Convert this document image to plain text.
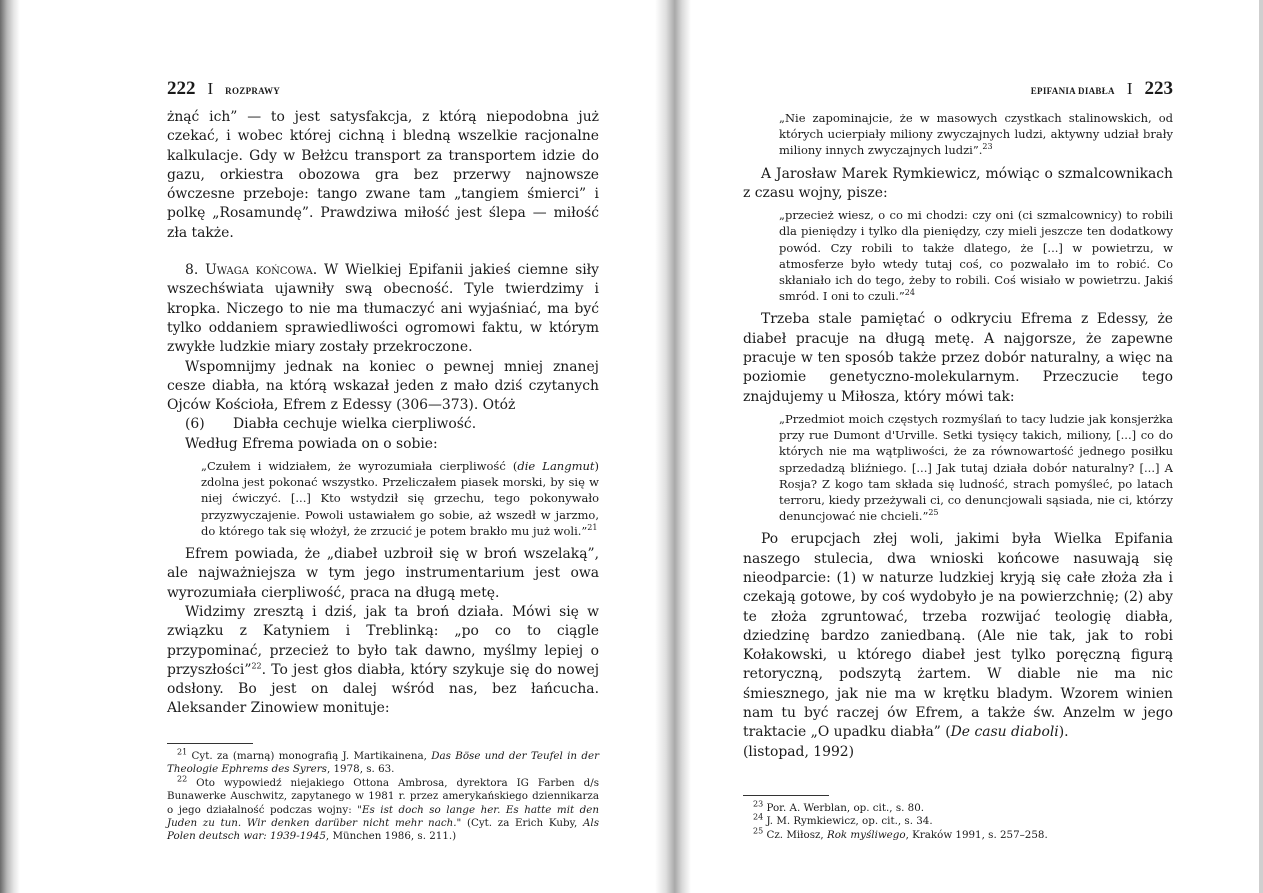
222 I ROZPRAWY

żnąć ich” — to jest satysfakcja, z którą niepodobna już czekać, i wobec której cichną i bledną wszelkie racjonalne kalkulacje. Gdy w Bełżcu transport za transportem idzie do gazu, orkiestra obozowa gra bez przerwy najnowsze ówczesne przeboje: tango zwane tam „tangiem śmierci” i polkę „Rosamundę”. Prawdziwa miłość jest ślepa — miłość zła także.

8. Uwaga końcowa. W Wielkiej Epifanii jakieś ciemne siły wszechświata ujawniły swą obecność. Tyle twierdzimy i kropka. Niczego to nie ma tłumaczyć ani wyjaśniać, ma być tylko oddaniem sprawiedliwości ogromowi faktu, w którym zwykłe ludzkie miary zostały przekroczone.

Wspomnijmy jednak na koniec o pewnej mniej znanej cesze diabła, na którą wskazał jeden z mało dziś czytanych Ojców Kościoła, Efrem z Edessy (306—373). Otóż

(6)	Diabła cechuje wielka cierpliwość.

Według Efrema powiada on o sobie:

„Czułem i widziałem, że wyrozumiała cierpliwość (die Langmut) zdolna jest pokonać wszystko. Przeliczałem piasek morski, by się w niej ćwiczyć. [...] Kto wstydził się grzechu, tego pokonywało przyzwyczajenie. Powoli ustawiałem go sobie, aż wszedł w jarzmo, do którego tak się włożył, że zrzucić je potem brakło mu już woli.”$^{21}$

Efrem powiada, że „diabeł uzbroił się w broń wszelaką”, ale najważniejsza w tym jego instrumentarium jest owa wyrozumiała cierpliwość, praca na długą metę.

Widzimy zresztą i dziś, jak ta broń działa. Mówi się w związku z Katyniem i Treblinką: „po co to ciągle przypominać, przecież to było tak dawno, myślmy lepiej o przyszłości”$^{22}$. To jest głos diabła, który szykuje się do nowej odsłony. Bo jest on dalej wśród nas, bez łańcucha. Aleksander Zinowiew monituje:

$^{21}$ Cyt. za (marną) monografią J. Martikainena, Das Böse und der Teufel in der Theologie Ephrems des Syrers, 1978, s. 63.
$^{22}$ Oto wypowiedź niejakiego Ottona Ambrosa, dyrektora IG Farben d/s Bunawerke Auschwitz, zapytanego w 1981 r. przez amerykańskiego dziennikarza o jego działalność podczas wojny: "Es ist doch so lange her. Es hatte mit den Juden zu tun. Wir denken darüber nicht mehr nach." (Cyt. za Erich Kuby, Als Polen deutsch war: 1939-1945, München 1986, s. 211.)
EPIFANIA DIABŁA I 223
„Nie zapominajcie, że w masowych czystkach stalinowskich, od których ucierpiały miliony zwyczajnych ludzi, aktywny udział brały miliony innych zwyczajnych ludzi”.$^{23}$

A Jarosław Marek Rymkiewicz, mówiąc o szmalcownikach z czasu wojny, pisze:

„przecież wiesz, o co mi chodzi: czy oni (ci szmalcownicy) to robili dla pieniędzy i tylko dla pieniędzy, czy mieli jeszcze ten dodatkowy powód. Czy robili to także dlatego, że [...] w powietrzu, w atmosferze było wtedy tutaj coś, co pozwalało im to robić. Co skłaniało ich do tego, żeby to robili. Coś wisiało w powietrzu. Jakiś smród. I oni to czuli.”$^{24}$

Trzeba stale pamiętać o odkryciu Efrema z Edessy, że diabeł pracuje na długą metę. A najgorsze, że zapewne pracuje w ten sposób także przez dobór naturalny, a więc na poziomie genetyczno-molekularnym. Przeczucie tego znajdujemy u Miłosza, który mówi tak:

„Przedmiot moich częstych rozmyślań to tacy ludzie jak konsjerżka przy rue Dumont d'Urville. Setki tysięcy takich, miliony, [...] co do których nie ma wątpliwości, że za równowartość jednego posiłku sprzedadzą bliźniego. [...] Jak tutaj działa dobór naturalny? [...] A Rosja? Z kogo tam składa się ludność, strach pomyśleć, po latach terroru, kiedy przeżywali ci, co denuncjowali sąsiada, nie ci, którzy denuncjować nie chcieli.”$^{25}$

Po erupcjach złej woli, jakimi była Wielka Epifania naszego stulecia, dwa wnioski końcowe nasuwają się nieodparcie: (1) w naturze ludzkiej kryją się całe złoża zła i czekają gotowe, by coś wydobyło je na powierzchnię; (2) aby te złoża zgruntować, trzeba rozwijać teologię diabła, dziedzinę bardzo zaniedbaną. (Ale nie tak, jak to robi Kołakowski, u którego diabeł jest tylko poręczną figurą retoryczną, podszytą żartem. W diable nie ma nic śmiesznego, jak nie ma w krętku bladym. Wzorem winien nam tu być raczej ów Efrem, a także św. Anzelm w jego traktacie „O upadku diabła” (De casu diaboli).

(listopad, 1992)

$^{23}$ Por. A. Werblan, op. cit., s. 80.
$^{24}$ J. M. Rymkiewicz, op. cit., s. 34.
$^{25}$ Cz. Miłosz, Rok myśliwego, Kraków 1991, s. 257–258.
